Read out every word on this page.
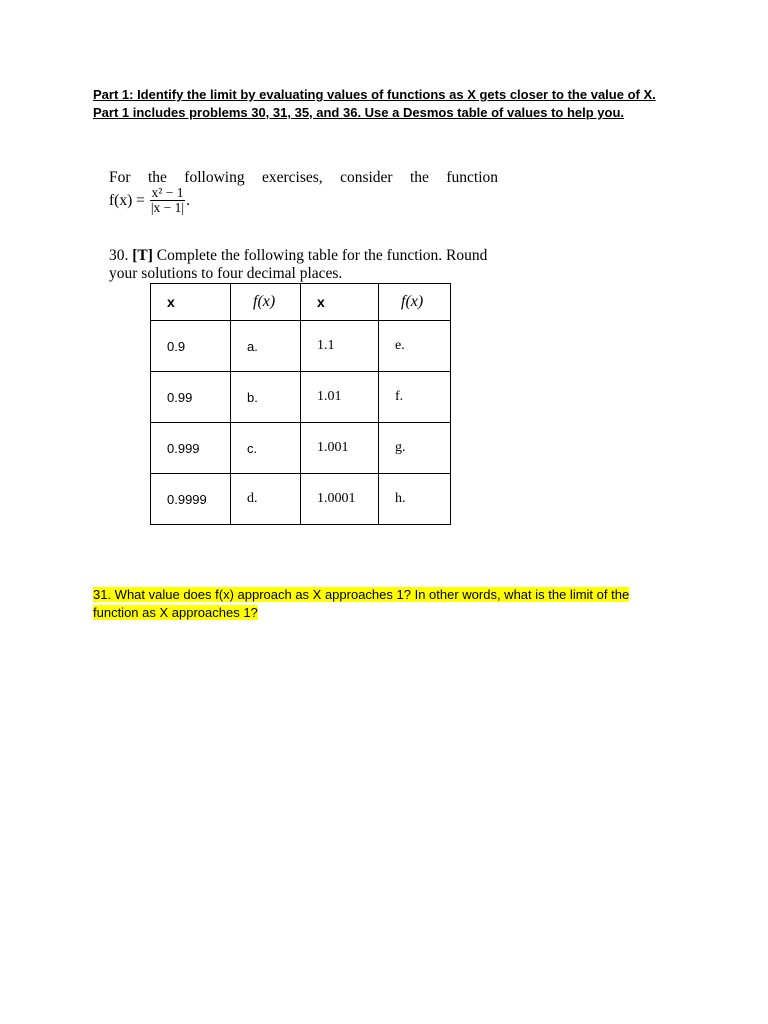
Part 1: Identify the limit by evaluating values of functions as X gets closer to the value of X. Part 1 includes problems 30, 31, 35, and 36. Use a Desmos table of values to help you.
For the following exercises, consider the function
$f(x) = \frac{\text{x² − 1}}{|x - 1|}$ .
30. [T] Complete the following table for the function. Round your solutions to four decimal places.
x	f(x)	x	f(x)
0.9	a.	1.1	e.
0.99	b.	1.01	f.
0.999	c.	1.001	g.
0.9999	d.	1.0001	h.
31. What value does f(x) approach as X approaches 1? In other words, what is the limit of the function as X approaches 1?
